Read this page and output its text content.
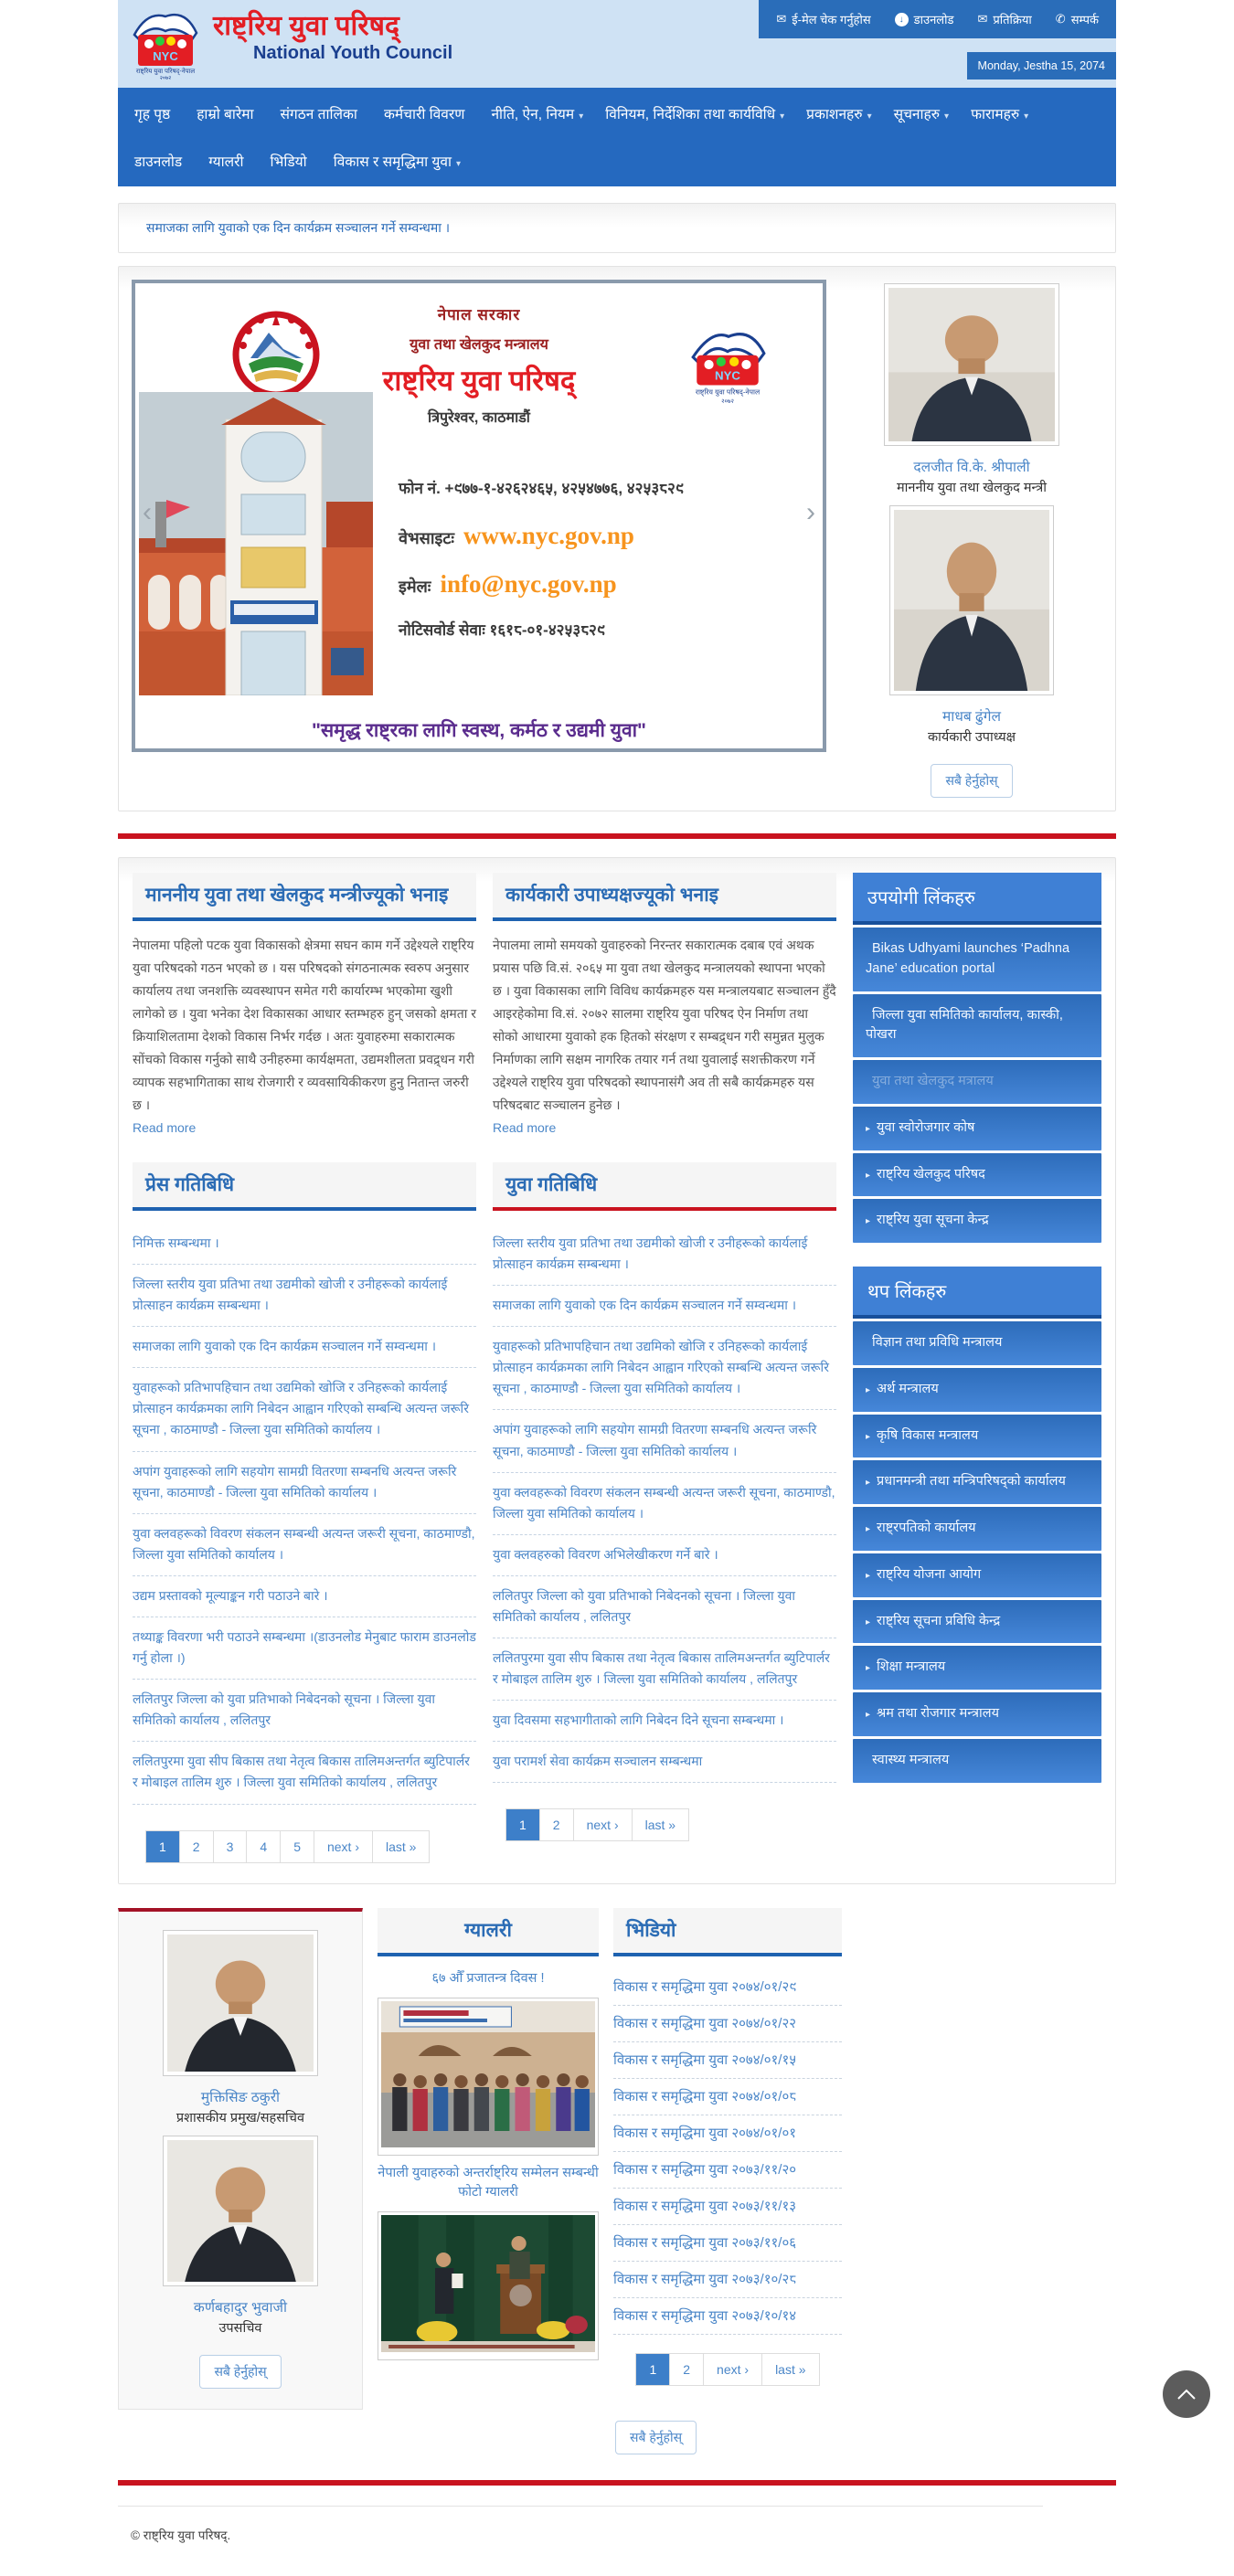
NYC
राष्ट्रिय युवा परिषद्-नेपाल
२०७२
राष्ट्रिय युवा परिषद्
National Youth Council
✉ ई-मेल चेक गर्नुहोस	↓ डाउनलोड ✉ प्रतिक्रिया ✆ सम्पर्क
Monday, Jestha 15, 2074
गृह पृष्ठ	हाम्रो बारेमा	संगठन तालिका	कर्मचारी विवरण	नीति, ऐन, नियम ▾	विनियम, निर्देशिका तथा कार्यविधि ▾	प्रकाशनहरु ▾	सूचनाहरु ▾	फारामहरु ▾
डाउनलोड	ग्यालरी	भिडियो	विकास र समृद्धिमा युवा ▾
समाजका लागि युवाको एक दिन कार्यक्रम सञ्चालन गर्ने सम्वन्धमा ।
‹	›
नेपाल सरकार
युवा तथा खेलकुद मन्त्रालय
राष्ट्रिय युवा परिषद्
त्रिपुरेश्वर, काठमाडौं
NYC
राष्ट्रिय युवा परिषद्-नेपाल
२०७२
फोन नं. +९७७-१-४२६२४६५, ४२५४७७६, ४२५३८२९
वेभसाइटः www.nyc.gov.np
इमेलः info@nyc.gov.np
नोटिसवोर्ड सेवाः १६१८-०१-४२५३८२९
"समृद्ध राष्ट्रका लागि स्वस्थ, कर्मठ र उद्यमी युवा"
दलजीत वि.के. श्रीपाली
माननीय युवा तथा खेलकुद मन्त्री
माधब ढुंगेल
कार्यकारी उपाध्यक्ष
सबै हेर्नुहोस्
माननीय युवा तथा खेलकुद मन्त्रीज्यूको भनाइ

नेपालमा पहिलो पटक युवा विकासको क्षेत्रमा सघन काम गर्ने उद्देश्यले राष्ट्रिय युवा परिषदको गठन भएको छ । यस परिषदको संगठनात्मक स्वरुप अनुसार कार्यालय तथा जनशक्ति व्यवस्थापन समेत गरी कार्यारम्भ भएकोमा खुशी लागेको छ । युवा भनेका देश विकासका आधार स्तम्भहरु हुन् जसको क्षमता र क्रियाशिलतामा देशको विकास निर्भर गर्दछ । अतः युवाहरुमा सकारात्मक सोंचको विकास गर्नुको साथै उनीहरुमा कार्यक्षमता, उद्यमशीलता प्रवद्र्धन गरी व्यापक सहभागिताका साथ रोजगारी र व्यवसायिकीकरण हुनु नितान्त जरुरी छ ।

Read more
प्रेस गतिबिधि
निमिक्त सम्बन्धमा ।
जिल्ला स्तरीय युवा प्रतिभा तथा उद्यमीको खोजी र उनीहरूको कार्यलाई प्रोत्साहन कार्यक्रम सम्बन्धमा ।
समाजका लागि युवाको एक दिन कार्यक्रम सञ्चालन गर्ने सम्वन्धमा ।
युवाहरूको प्रतिभापहिचान तथा उद्यमिको खोजि र उनिहरूको कार्यलाई प्रोत्साहन कार्यक्रमका लागि निबेदन आह्वान गरिएको सम्बन्धि अत्यन्त जरूरि सूचना , काठमाण्डौ - जिल्ला युवा समितिको कार्यालय ।
अपांग युवाहरूको लागि सहयोग सामग्री वितरणा सम्बनधि अत्यन्त जरूरि सूचना, काठमाण्डौ - जिल्ला युवा समितिको कार्यालय ।
युवा क्लवहरूको विवरण संकलन सम्बन्धी अत्यन्त जरूरी सूचना, काठमाण्डौ, जिल्ला युवा समितिको कार्यालय ।
उद्यम प्रस्तावको मूल्याङ्कन गरी पठाउने बारे ।
तथ्याङ्क विवरणा भरी पठाउने सम्बन्धमा ।(डाउनलोड मेनुबाट फाराम डाउनलोड गर्नु होला ।)
ललितपुर जिल्ला को युवा प्रतिभाको निबेदनको सूचना । जिल्ला युवा समितिको कार्यालय , ललितपुर
ललितपुरमा युवा सीप बिकास तथा नेतृत्व बिकास तालिमअन्तर्गत ब्युटिपार्लर र मोबाइल तालिम शुरु । जिल्ला युवा समितिको कार्यालय , ललितपुर
1	2	3	4	5	next ›	last »
कार्यकारी उपाध्यक्षज्यूको भनाइ

नेपालमा लामो समयको युवाहरुको निरन्तर सकारात्मक दबाब एवं अथक प्रयास पछि वि.सं. २०६५ मा युवा तथा खेलकुद मन्त्रालयको स्थापना भएको छ । युवा विकासका लागि विविध कार्यक्रमहरु यस मन्त्रालयबाट सञ्चालन हुँदै आइरहेकोमा वि.सं. २०७२ सालमा राष्ट्रिय युवा परिषद ऐन निर्माण तथा सोको आधारमा युवाको हक हितको संरक्षण र सम्बद्र्धन गरी समुन्नत मुलुक निर्माणका लागि सक्षम नागरिक तयार गर्न तथा युवालाई सशक्तीकरण गर्ने उद्देश्यले राष्ट्रिय युवा परिषदको स्थापनासंगै अव ती सबै कार्यक्रमहरु यस परिषदबाट सञ्चालन हुनेछ ।

Read more
युवा गतिबिधि
जिल्ला स्तरीय युवा प्रतिभा तथा उद्यमीको खोजी र उनीहरूको कार्यलाई प्रोत्साहन कार्यक्रम सम्बन्धमा ।
समाजका लागि युवाको एक दिन कार्यक्रम सञ्चालन गर्ने सम्वन्धमा ।
युवाहरूको प्रतिभापहिचान तथा उद्यमिको खोजि र उनिहरूको कार्यलाई प्रोत्साहन कार्यक्रमका लागि निबेदन आह्वान गरिएको सम्बन्धि अत्यन्त जरूरि सूचना , काठमाण्डौ - जिल्ला युवा समितिको कार्यालय ।
अपांग युवाहरूको लागि सहयोग सामग्री वितरणा सम्बनधि अत्यन्त जरूरि सूचना, काठमाण्डौ - जिल्ला युवा समितिको कार्यालय ।
युवा क्लवहरूको विवरण संकलन सम्बन्धी अत्यन्त जरूरी सूचना, काठमाण्डौ, जिल्ला युवा समितिको कार्यालय ।
युवा क्लवहरुको विवरण अभिलेखीकरण गर्ने बारे ।
ललितपुर जिल्ला को युवा प्रतिभाको निबेदनको सूचना । जिल्ला युवा समितिको कार्यालय , ललितपुर
ललितपुरमा युवा सीप बिकास तथा नेतृत्व बिकास तालिमअन्तर्गत ब्युटिपार्लर र मोबाइल तालिम शुरु । जिल्ला युवा समितिको कार्यालय , ललितपुर
युवा दिवसमा सहभागीताको लागि निबेदन दिने सूचना सम्बन्धमा ।
युवा परामर्श सेवा कार्यक्रम सञ्चालन सम्बन्धमा
1	2	next ›	last »
उपयोगी लिंकहरु
Bikas Udhyami launches ‘Padhna Jane’ education portal
जिल्ला युवा समितिको कार्यालय, कास्की, पोखरा
युवा तथा खेलकुद मत्रालय
▸ युवा स्वोरोजगार कोष
▸ राष्ट्रिय खेलकुद परिषद
▸ राष्ट्रिय युवा सूचना केन्द्र
थप लिंकहरु
विज्ञान तथा प्रविधि मन्त्रालय
▸ अर्थ मन्त्रालय
▸ कृषि विकास मन्त्रालय
▸ प्रधानमन्त्री तथा मन्त्रिपरिषद्को कार्यालय
▸ राष्ट्रपतिको कार्यालय
▸ राष्ट्रिय योजना आयोग
▸ राष्ट्रिय सूचना प्रविधि केन्द्र
▸ शिक्षा मन्त्रालय
▸ श्रम तथा रोजगार मन्त्रालय
स्वास्थ्य मन्त्रालय
मुक्तिसिङ ठकुरी
प्रशासकीय प्रमुख/सहसचिव
कर्णबहादुर भुवाजी
उपसचिव
सबै हेर्नुहोस्
ग्यालरी
६७ औँ प्रजातन्त्र दिवस !
नेपाली युवाहरुको अन्तर्राष्ट्रिय सम्मेलन सम्बन्धी फोटो ग्यालरी
भिडियो
विकास र समृद्धिमा युवा २०७४/०१/२९
विकास र समृद्धिमा युवा २०७४/०१/२२
विकास र समृद्धिमा युवा २०७४/०१/१५
विकास र समृद्धिमा युवा २०७४/०१/०८
विकास र समृद्धिमा युवा २०७४/०१/०१
विकास र समृद्धिमा युवा २०७३/११/२०
विकास र समृद्धिमा युवा २०७३/११/१३
विकास र समृद्धिमा युवा २०७३/११/०६
विकास र समृद्धिमा युवा २०७३/१०/२८
विकास र समृद्धिमा युवा २०७३/१०/१४
1	2	next ›	last »
सबै हेर्नुहोस्
© राष्ट्रिय युवा परिषद्.
